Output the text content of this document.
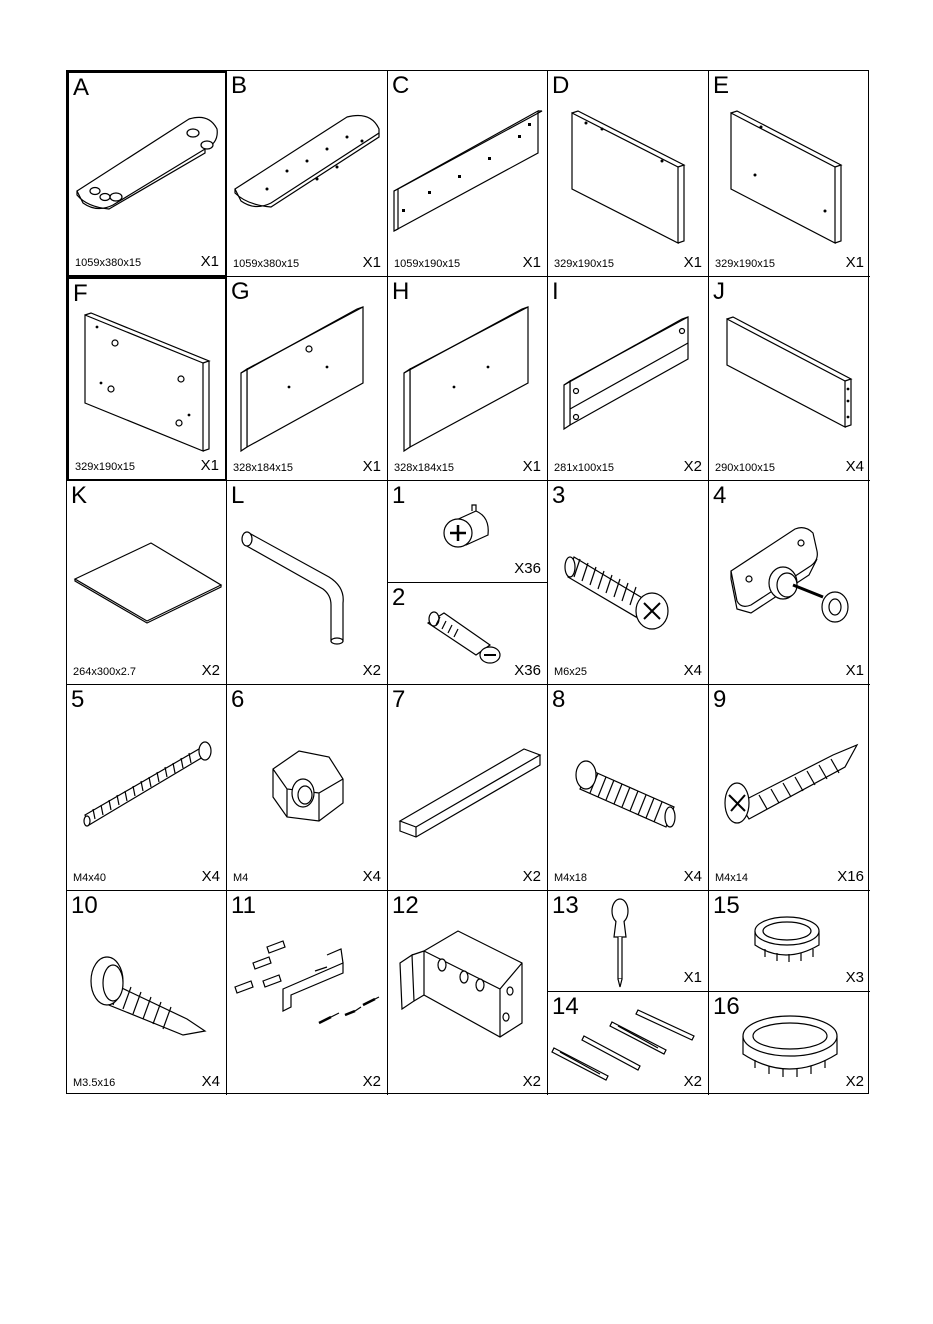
A
1059x380x15	X1
B
1059x380x15	X1
C
1059x190x15	X1
D
329x190x15	X1
E
329x190x15	X1
F
329x190x15	X1
G
328x184x15	X1
H
328x184x15	X1
I
281x100x15	X2
J
290x100x15	X4
K
264x300x2.7	X2
L
X2
1
X36
2
X36
3
M6x25	X4
4
X1
5
M4x40	X4
6
M4	X4
7
X2
8
M4x18	X4
9
M4x14	X16
10
M3.5x16	X4
11
X2
12
X2
13
X1
14
X2
15
X3
16
X2
